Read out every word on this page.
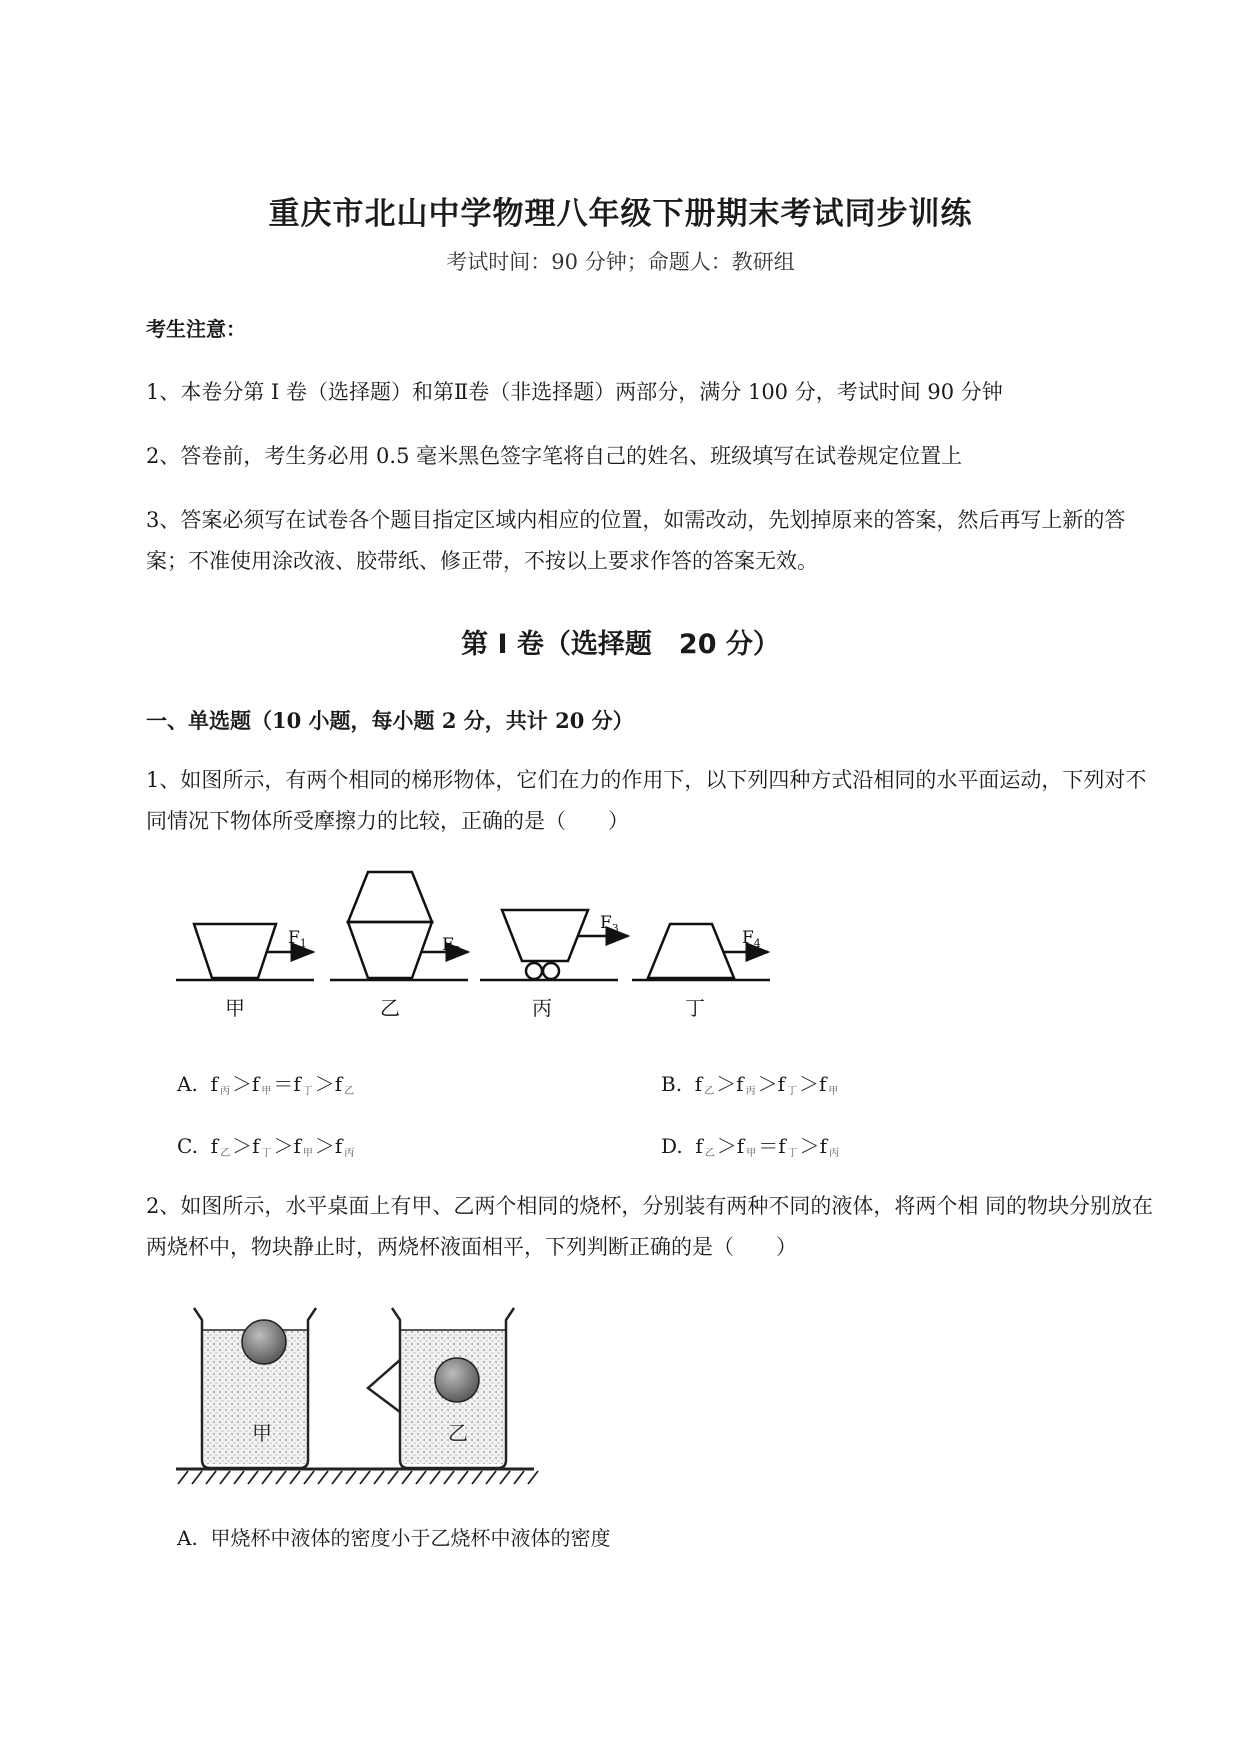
重庆市北山中学物理八年级下册期末考试同步训练
考试时间：90 分钟；命题人：教研组
考生注意：
1、本卷分第 I 卷（选择题）和第Ⅱ卷（非选择题）两部分，满分 100 分，考试时间 90 分钟
2、答卷前，考生务必用 0.5 毫米黑色签字笔将自己的姓名、班级填写在试卷规定位置上
3、答案必须写在试卷各个题目指定区域内相应的位置，如需改动，先划掉原来的答案，然后再写上新的答案；不准使用涂改液、胶带纸、修正带，不按以上要求作答的答案无效。
第 I 卷（选择题　20 分）
一、单选题（10 小题，每小题 2 分，共计 20 分）
1、如图所示，有两个相同的梯形物体，它们在力的作用下，以下列四种方式沿相同的水平面运动，下列对不同情况下物体所受摩擦力的比较，正确的是（　　）
$F_1$	$F_2$
$F_3$	$F_4$
甲	乙	丙	丁
A. f $_丙$ ＞f $_甲$ ＝f $_丁$ ＞f $_乙$	B. f $_乙$ ＞f $_丙$ ＞f $_丁$ ＞f $_甲$
C. f $_乙$ ＞f $_丁$ ＞f $_甲$ ＞f $_丙$	D. f $_乙$ ＞f $_甲$ ＝f $_丁$ ＞f $_丙$
2、如图所示，水平桌面上有甲、乙两个相同的烧杯，分别装有两种不同的液体，将两个相 同的物块分别放在两烧杯中，物块静止时，两烧杯液面相平，下列判断正确的是（　　）
甲	乙
A. 甲烧杯中液体的密度小于乙烧杯中液体的密度
